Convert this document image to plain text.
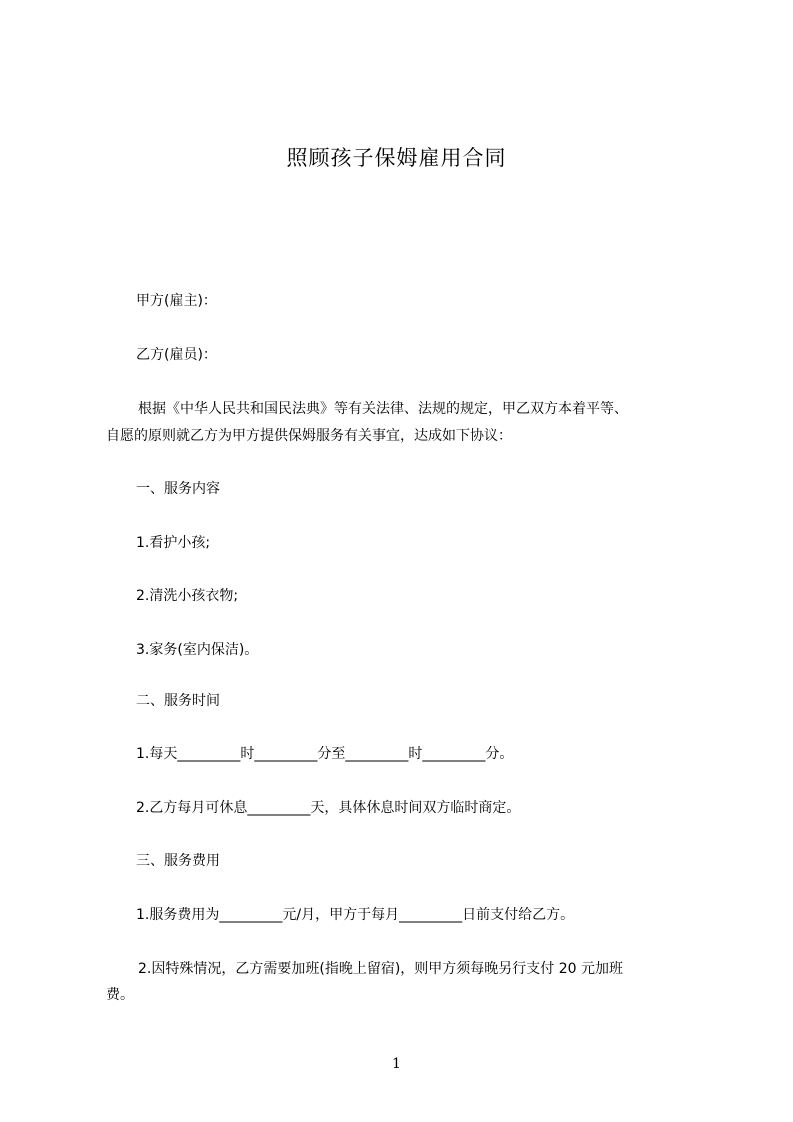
照顾孩子保姆雇用合同
甲方(雇主)：
乙方(雇员)：
根据《中华人民共和国民法典》等有关法律、法规的规定，甲乙双方本着平等、
自愿的原则就乙方为甲方提供保姆服务有关事宜，达成如下协议：
一、服务内容
1.看护小孩;
2.清洗小孩衣物;
3.家务(室内保洁)。
二、服务时间
1.每天_________时_________分至_________时_________分。
2.乙方每月可休息_________天，具体休息时间双方临时商定。
三、服务费用
1.服务费用为_________元/月，甲方于每月_________日前支付给乙方。
2.因特殊情况，乙方需要加班(指晚上留宿)，则甲方须每晚另行支付 20 元加班
费。
1
